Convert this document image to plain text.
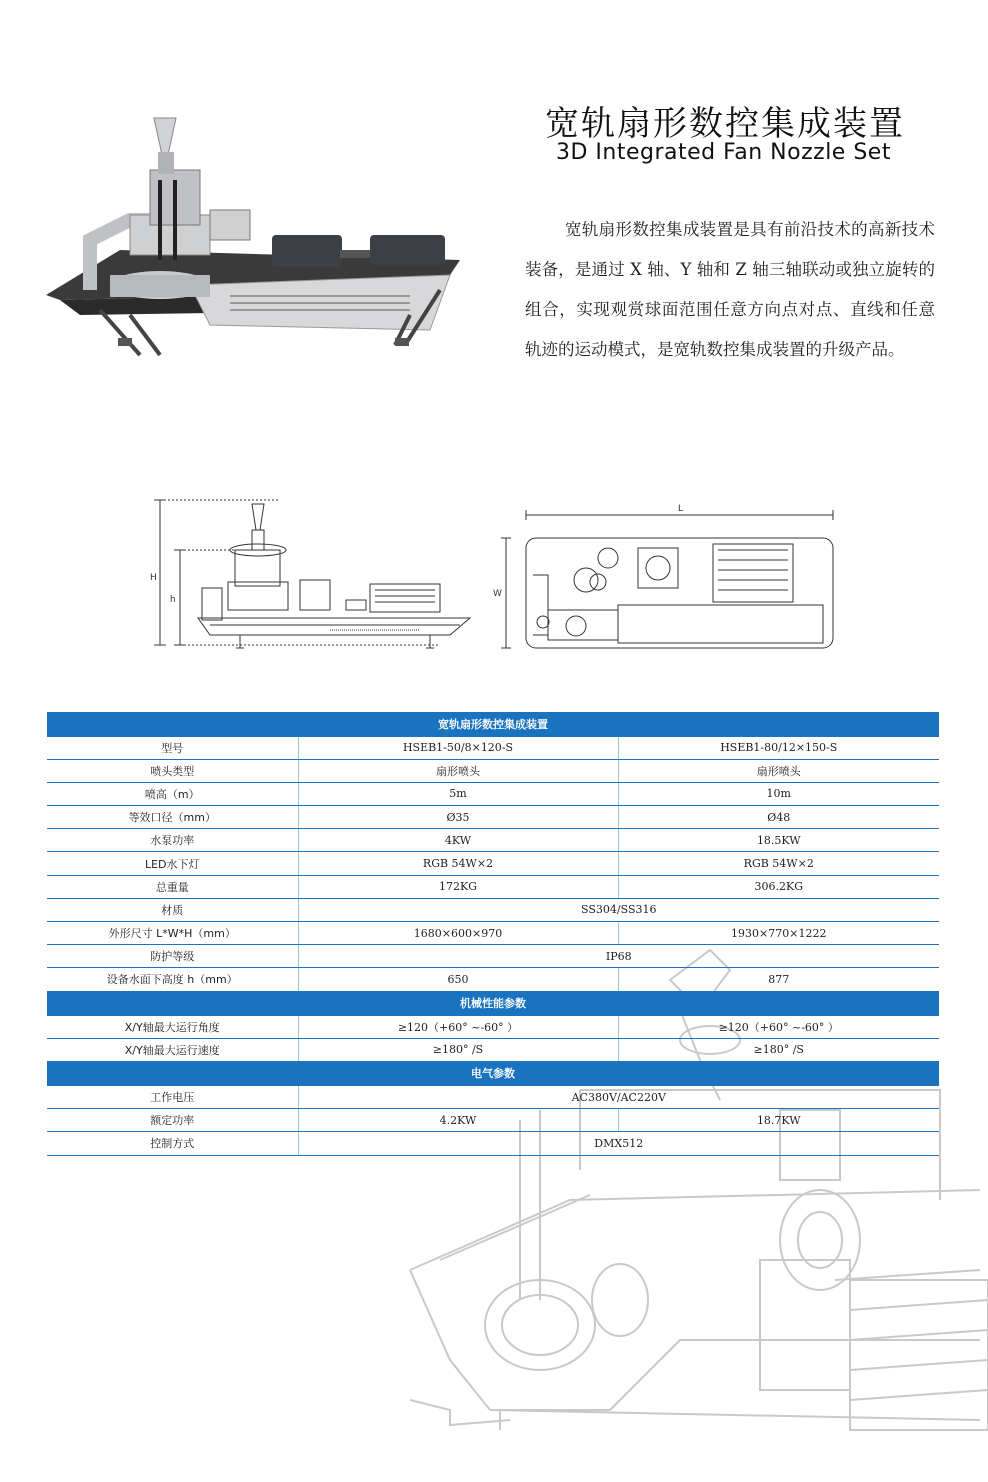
宽轨扇形数控集成装置
3D Integrated Fan Nozzle Set

宽轨扇形数控集成装置是具有前沿技术的高新技术装备，是通过 X 轴、Y 轴和 Z 轴三轴联动或独立旋转的组合，实现观赏球面范围任意方向点对点、直线和任意轨迹的运动模式，是宽轨数控集成装置的升级产品。

H
h
L
W
宽轨扇形数控集成装置		
型号	HSEB1-50/8×120-S	HSEB1-80/12×150-S
喷头类型	扇形喷头	扇形喷头
喷高（m）	5m	10m
等效口径（mm）	Ø35	Ø48
水泵功率	4KW	18.5KW
LED水下灯	RGB 54W×2	RGB 54W×2
总重量	172KG	306.2KG
材质	SS304/SS316	
外形尺寸 L*W*H（mm）	1680×600×970	1930×770×1222
防护等级	IP68	
设备水面下高度 h（mm）	650	877
机械性能参数		
X/Y轴最大运行角度	≥120（+60° ~-60° ）	≥120（+60° ~-60° ）
X/Y轴最大运行速度	≥180° /S	≥180° /S
电气参数		
工作电压	AC380V/AC220V	
额定功率	4.2KW	18.7KW
控制方式	DMX512	
